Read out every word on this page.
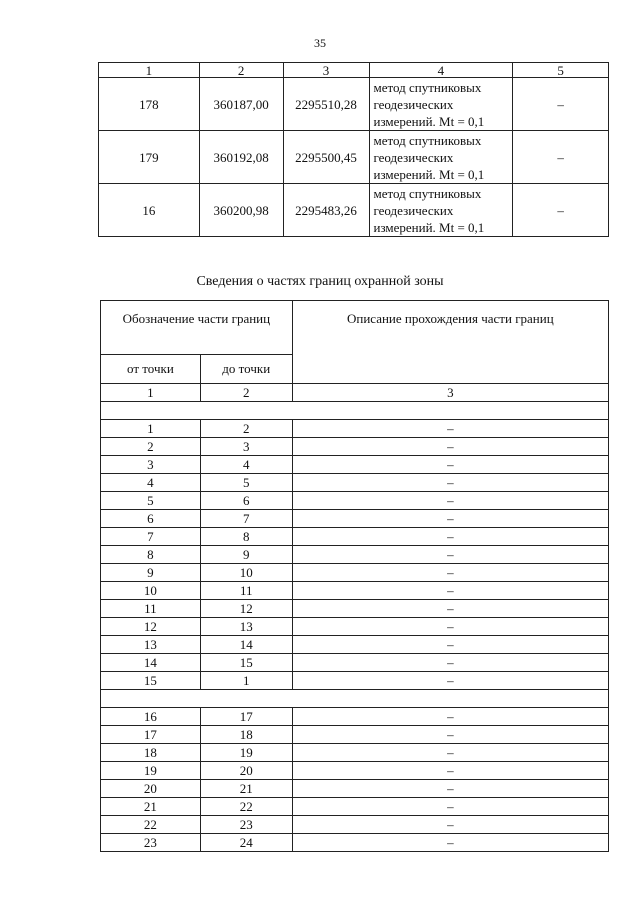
35
1	2	3	4	5
178	360187,00	2295510,28	метод спутниковых
геодезических
измерений. Mt = 0,1	–
179	360192,08	2295500,45	метод спутниковых
геодезических
измерений. Mt = 0,1	–
16	360200,98	2295483,26	метод спутниковых
геодезических
измерений. Mt = 0,1	–
Сведения о частях границ охранной зоны
Обозначение части границ		Описание прохождения части границ
от точки	до точки	
1	2	3

1	2	–
2	3	–
3	4	–
4	5	–
5	6	–
6	7	–
7	8	–
8	9	–
9	10	–
10	11	–
11	12	–
12	13	–
13	14	–
14	15	–
15	1	–

16	17	–
17	18	–
18	19	–
19	20	–
20	21	–
21	22	–
22	23	–
23	24	–
